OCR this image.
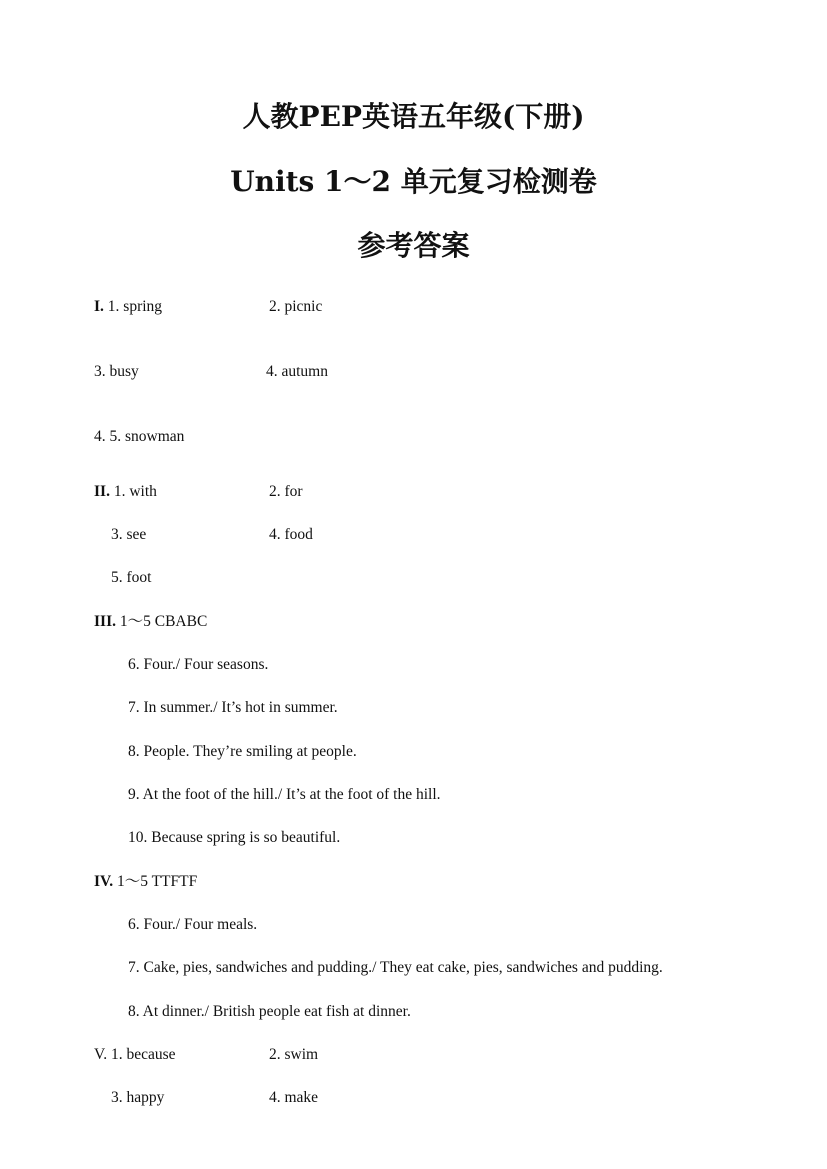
人教PEP英语五年级(下册)
Units 1～2 单元复习检测卷
参考答案
I. 1. spring	2. picnic
3. busy	4. autumn
4. 5. snowman
II. 1. with	2. for
3. see	4. food
5. foot
III. 1～5 CBABC
6. Four./ Four seasons.
7. In summer./ It’s hot in summer.
8. People. They’re smiling at people.
9. At the foot of the hill./ It’s at the foot of the hill.
10. Because spring is so beautiful.
IV. 1～5 TTFTF
6. Four./ Four meals.
7. Cake, pies, sandwiches and pudding./ They eat cake, pies, sandwiches and pudding.
8. At dinner./ British people eat fish at dinner.
V. 1. because	2. swim
3. happy	4. make
